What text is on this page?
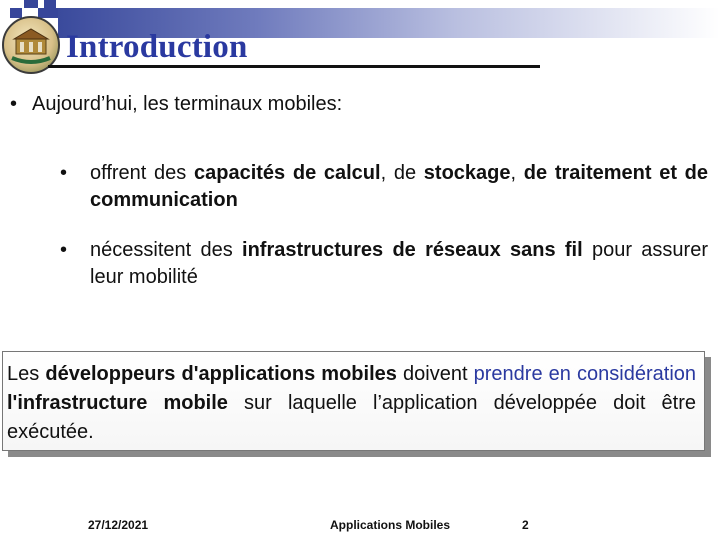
Introduction
• Aujourd’hui, les terminaux mobiles:
• offrent des capacités de calcul, de stockage, de traitement et de communication
• nécessitent des infrastructures de réseaux sans fil pour assurer leur mobilité
Les développeurs d'applications mobiles doivent prendre en considération l'infrastructure mobile sur laquelle l’application développée doit être exécutée.
27/12/2021	Applications Mobiles	2
